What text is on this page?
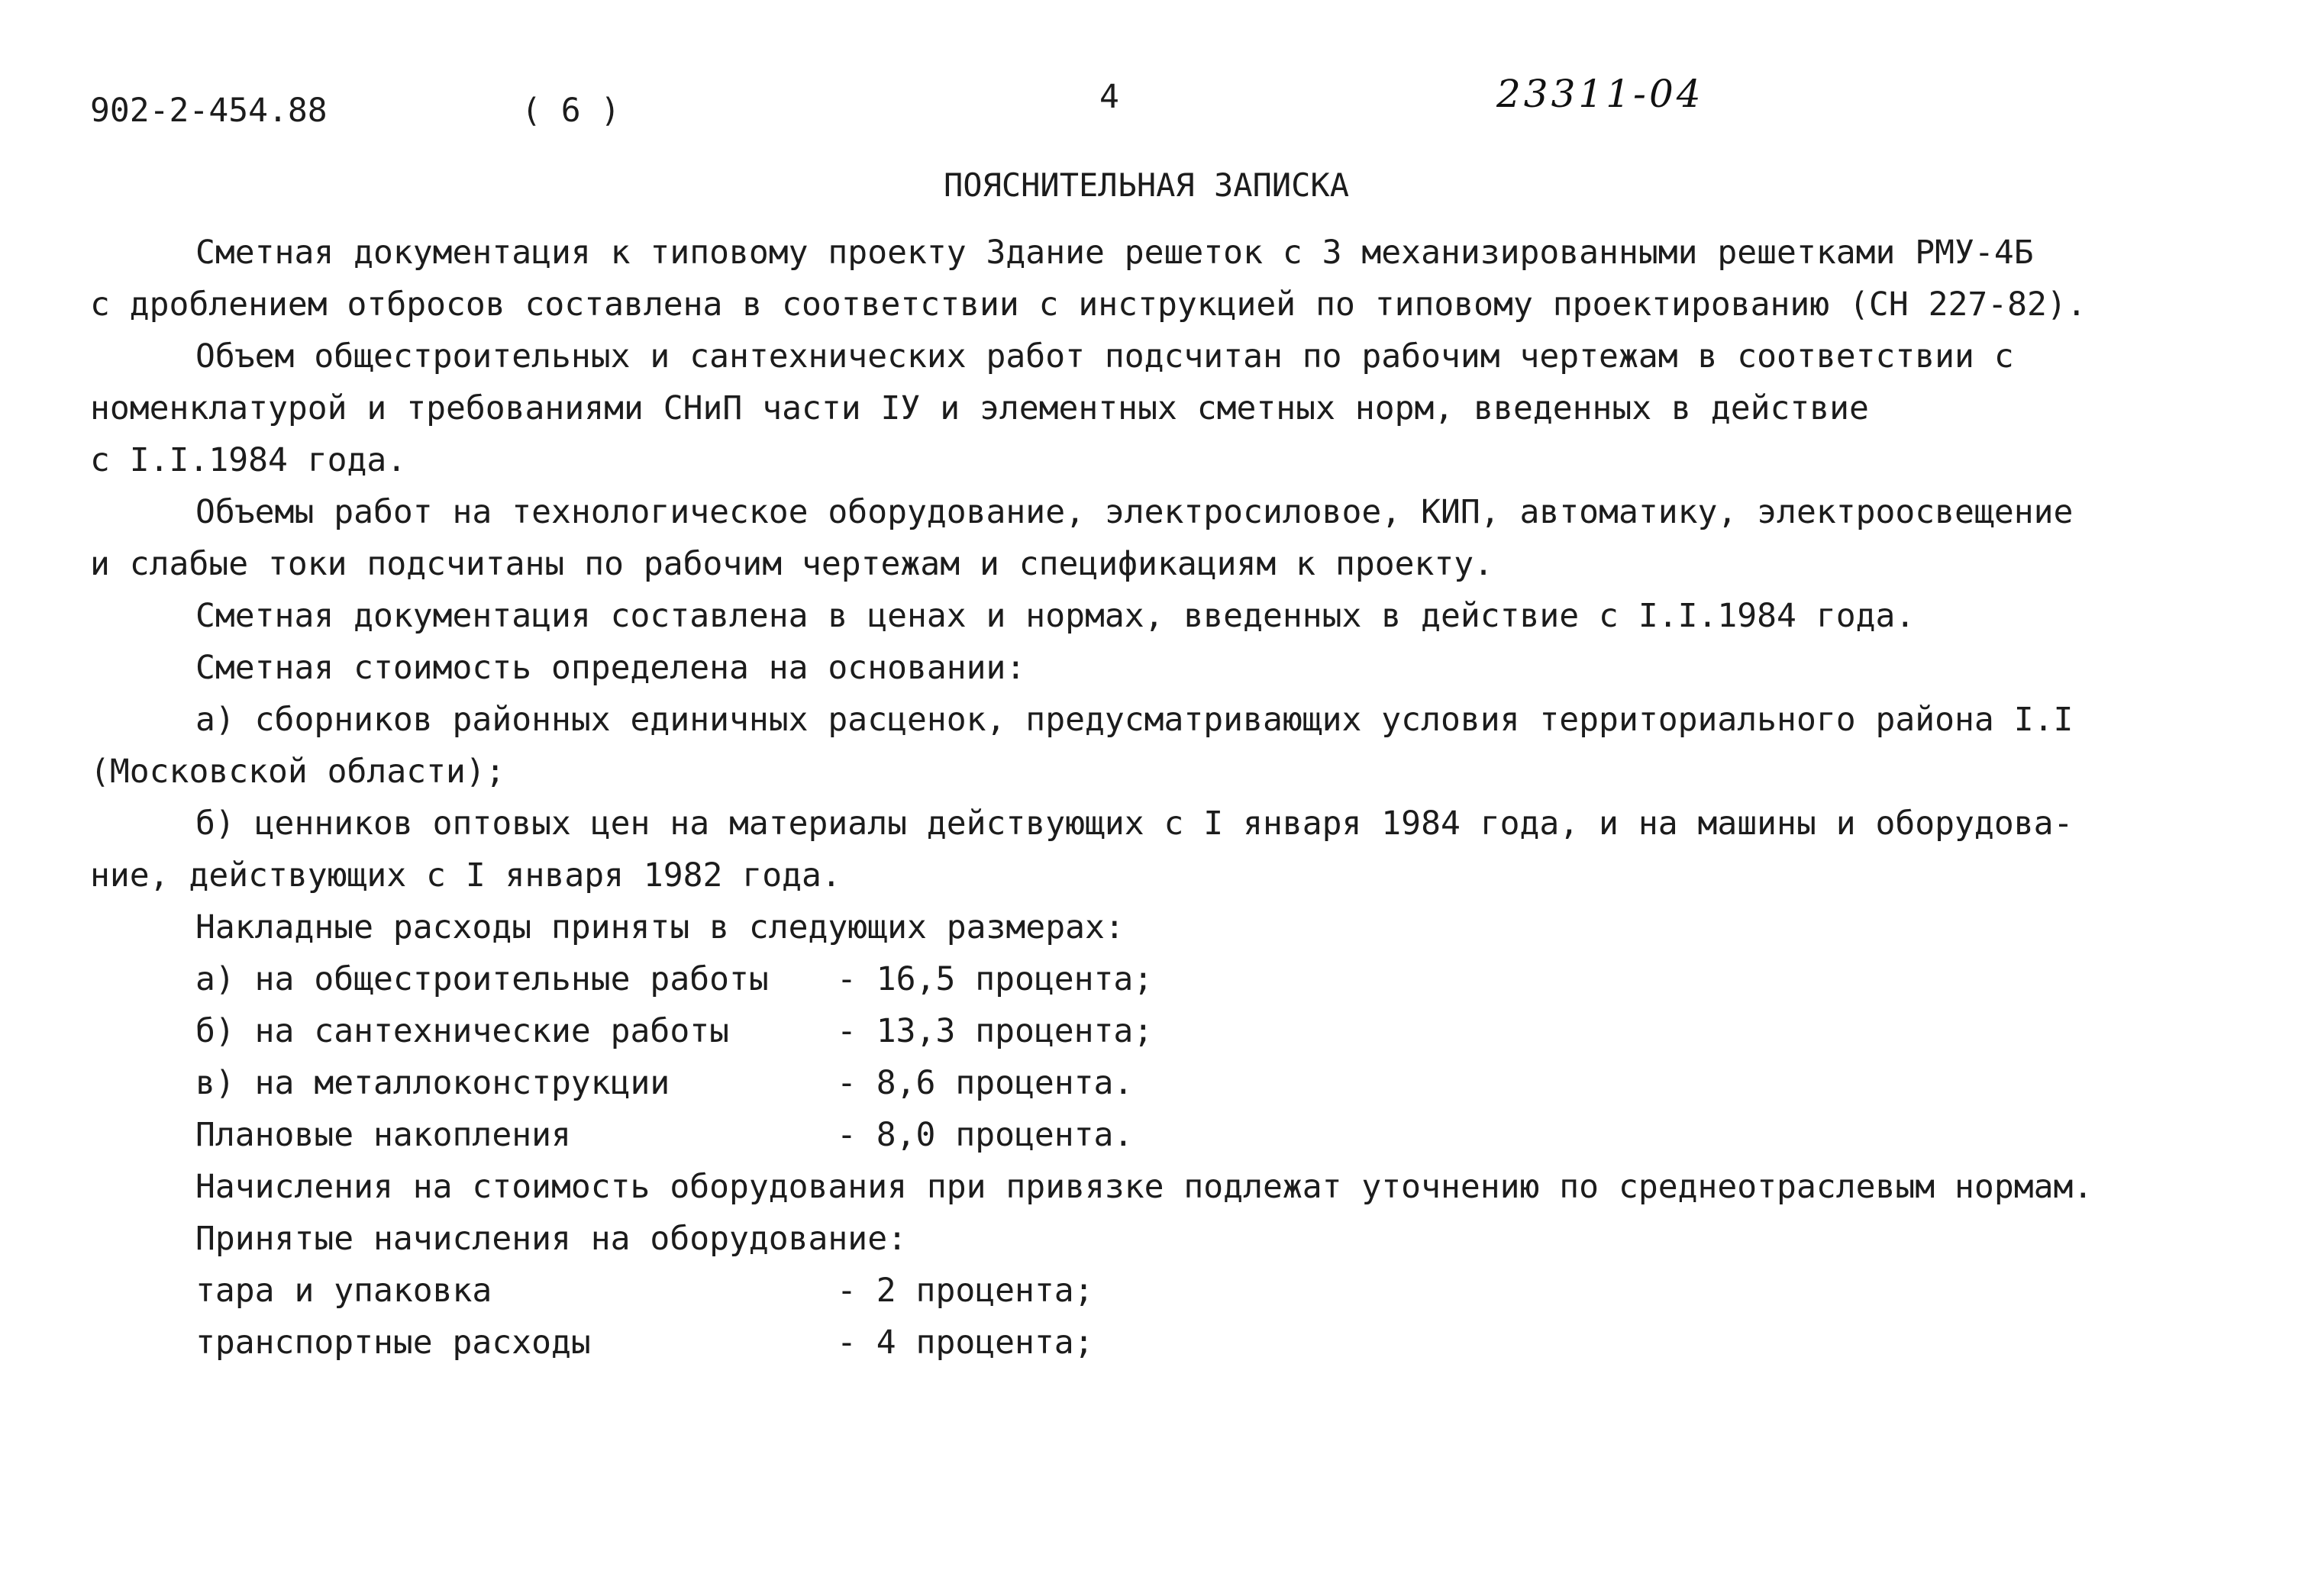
902-2-454.88	( 6 )	4	23311-04
ПОЯСНИТЕЛЬНАЯ ЗАПИСКА
Сметная документация к типовому проекту Здание решеток с 3 механизированными решетками РМУ-4Б
с дроблением отбросов составлена в соответствии с инструкцией по типовому проектированию (СН 227-82).
Объем общестроительных и сантехнических работ подсчитан по рабочим чертежам в соответствии с
номенклатурой и требованиями СНиП части IУ и элементных сметных норм, введенных в действие
с I.I.1984 года.
Объемы работ на технологическое оборудование, электросиловое, КИП, автоматику, электроосвещение
и слабые токи подсчитаны по рабочим чертежам и спецификациям к проекту.
Сметная документация составлена в ценах и нормах, введенных в действие с I.I.1984 года.
Сметная стоимость определена на основании:
а) сборников районных единичных расценок, предусматривающих условия территориального района I.I
(Московской области);
б) ценников оптовых цен на материалы действующих с I января 1984 года, и на машины и оборудова-
ние, действующих с I января 1982 года.
Накладные расходы приняты в следующих размерах:
а) на общестроительные работы - 16,5 процента;
б) на сантехнические работы	- 13,3 процента;
в) на металлоконструкции	- 8,6 процента.
Плановые накопления	- 8,0 процента.
Начисления на стоимость оборудования при привязке подлежат уточнению по среднеотраслевым нормам.
Принятые начисления на оборудование:
тара и упаковка	- 2 процента;
транспортные расходы	- 4 процента;
